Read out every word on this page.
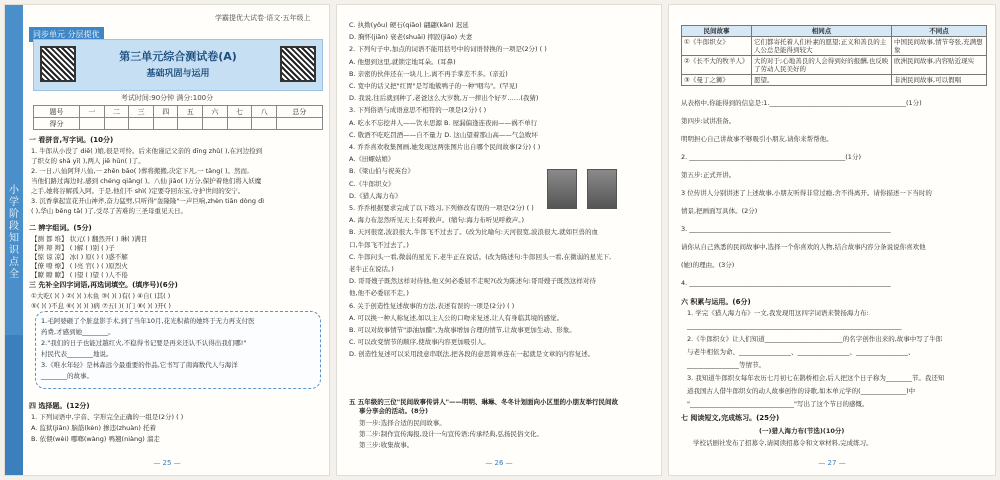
小学阶段知识点全
同步单元 分层提优
学霸提优大试卷·语文·五年级上
第三单元综合测试卷(A)
基础巩固与运用
考试时间:90分钟 满分:100分
题号	一	二	三	四	五	六	七	八	总分
得分									
一 看拼音,写字词。(10分)
二 辨字组词。(5分)
三 先补全四字词语,再选词填空。(填序号)(6分)
四 选择题。(12分)
— 25 —
1. 牛郎从小没了 diē( )娘,很是可怜。后来他谨记父亲的 dīng zhǔ( ),在河边捡到
了织女的 shā yī( ),两人 jiē hūn( )了。
2. 一日,八仙阿拜八仙,一 zhēn bāo( )葬将搬搬,决定下凡,一 tāng( )。然而,
当他们路过海边时,感到 chéng qiāng( )。八仙 jiāo( )万分,保护着他们将入妖魔
之手,她将谷解孤入阿。于是,他们不 shì( )定要夺回东宝,守护世间的安宁。
3. 沉香拿起宣花开山神斧,奋力猛劈,只听得"轰隆隆"一声巨响,zhèn tiān dòng dì
( ),华山 bēng tā( )了,受尽了苦难的三圣母重见天日。
【测 都 堆】 状元( ) 翻然开( ) 琳( )满目
【辨 辩 辫】 ( )解 ( )别 ( )子
【惊 谅 凉】 冰( ) 原( ) ( )惑不解
【僚 嘹 燎】 ( )亮 官( ) ( )原烈火
【瞭 瞭 瞭】 ( )望 ( )望 ( )人不倦
①大吃( )( ) ②( )( )木鱼 ③( )( )有( ) ④自( )其( )
⑤( )( )不息 ⑥( )( )( )病 ⑦五( )( )门 ⑧( )( )开( )
1.毛阿婆砸了个脏盘影手术,到了当年10月,花光积蓄的她终于无力再支付医
药费,才感到她________。
2."我们的日子也能过越红火,不稳得书记要是再来还认不认得出我们哪!"
村民代表________地说。
3.《唯水年轻》是林森远今最重要的作品,它书写了南海数代人与海洋
________的故事。
1. 下列词语中,字音、字形完全正确的一组是(2分) ( )
A. 监狱(jiān) 脑筋(kèn) 掺违(zhuàn) 托着
B. 依偎(wèi) 哪啷(wàng) 鸭翘(niàng) 溜走
五 五年级的三位"民间故事传讲人"——明明、琳琳、冬冬计划面向小区里的小朋友举行民间故
事分享会的活动。(8分)
— 26 —
C. 执拗(yǒu) 硬石(qiāo) 翩翩(kǎn) 迟延
D. 胸怀(jiān) 衰老(shuāi) 摔跤(jiāo) 夫妻
2. 下列句子中,加点的词语不能用括号中的词语替换的一项是(2分) ( )
A. 他想到这里,就锁定地耳朵。(耳鼻)
B. 亲密的伙伴还在一块儿上,离不再手掌差不多。(亲近)
C. 宽中的话又把"红胃"是写地簇鸭子的一种"咽鸟"。(罕见)
D. 我说,往后就到种了,老爸这么大岁数,万一摔出个好歹……(我猜)
3. 下列俗语与成语意思不相符的一项是(2分) ( )
A. 吃水不忘挖井人——饮水思源 B. 屋漏偏逢连夜雨——祸不单行
C. 敬酒不吃吃罚酒——自不量力 D. 这山望着那山高——气急败坏
4. 乔乔喜欢收集图画,她发现这两张图片出自哪个民间故事(2分) ( )
A.《田螺姑娘》
B.《梁山伯与祝英台》
C.《牛郎织女》
D.《猎人海力布》
5. 乔乔根据要求完成了以下练习,下列修改有误的一项是(2分) ( )
A. 海力布忽然听见天上有呼救声。(缩句:海力布听见呼救声。)
B. 天河很宽,波浪很大,牛郎飞不过去了。(改为比喻句:天河很宽,波浪很大,就如巨兽的血
口,牛郎飞不过去了。)
C. 牛郎问头一看,微弱的星光下,老牛正在说话。(改为陈述句:牛郎回头一看,在微弱的星光下,
老牛正在说话。)
D. 哥哥嫂子既然这样对待他,他又何必委屈不走呢?(改为陈述句:哥哥嫂子既然这样对待
他,他不必委屈不走。)
6. 关于创造性复述故事的方法,表述有误的一项是(2分) ( )
A. 可以换一种人称复述,如以主人公的口吻来复述,让人有身临其境的感觉。
B. 可以对故事情节"添油加醋",为故事增加合理的情节,让故事更加生动、形象。
C. 可以改变情节的顺序,使故事内容更加吸引人。
D. 创造性复述可以采用段意串联法,把各段的意思简单连在一起就是文章的内容复述。
第一步:选择合适的民间故事。
第二步:制作宣传海报,设计一句宣传语;传承经典,弘扬民俗文化。
第三步:收集故事。
民间故事	相同点	不同点
①《牛郎织女》	它们都寄托着人们朴素的愿望;正义和善良的主人公总是能得到较大	中国民间故事,情节夸张,充满想象
②《长不大的牧羊人》	大的对于;心地善良的人会得到好的报酬,也反映了劳动人民美好的	欧洲民间故事,内容贴近现实
③《曼丁之狮》	愿望。	非洲民间故事,可以假唱
六 积累与运用。(6分)
七 阅读短文,完成练习。(25分)
(一)猎人海力布(节选)(10分)
学校话剧社发布了招募令,请阅读招募令和文章材料,完成练习。
— 27 —
从表格中,你能得到的信息是:1.__________________________________________(1分)
第四步:试讲准备。
明明担心自己讲故事不够吸引小朋友,请你来帮帮他。
2. ________________________________________________(1分)
第五步:正式开讲。
3 位传讲人分别讲述了上述故事,小朋友听得非常过瘾,舍不得离开。请你描述一下当时的
情景,把画面写具体。(2分)
3. ______________________________________________________________
请你从自己熟悉的民间故事中,选择一个你喜欢的人物,结合故事内容分条说说你喜欢他
(她)的理由。(3分)
4. ______________________________________________________________
1. 学完《猎人海力布》一文,我发现用这四字词语来赞扬海力布:
__________________________________________________________________
2.《牛郎织女》让人们知道________________________的名字创作出来的,故事中写了牛郎
与老牛相依为命、________________、________________、________________、
________________等情节。
3. 我知道牛郎织女每年农历七月初七在鹊桥相会,后人把这个日子称为________节。我还知
道我国古人借牛郎织女的动人故事创作的诗歌,如本单元学的(______________)中
"________________________________"写出了这个节日的感慨。
